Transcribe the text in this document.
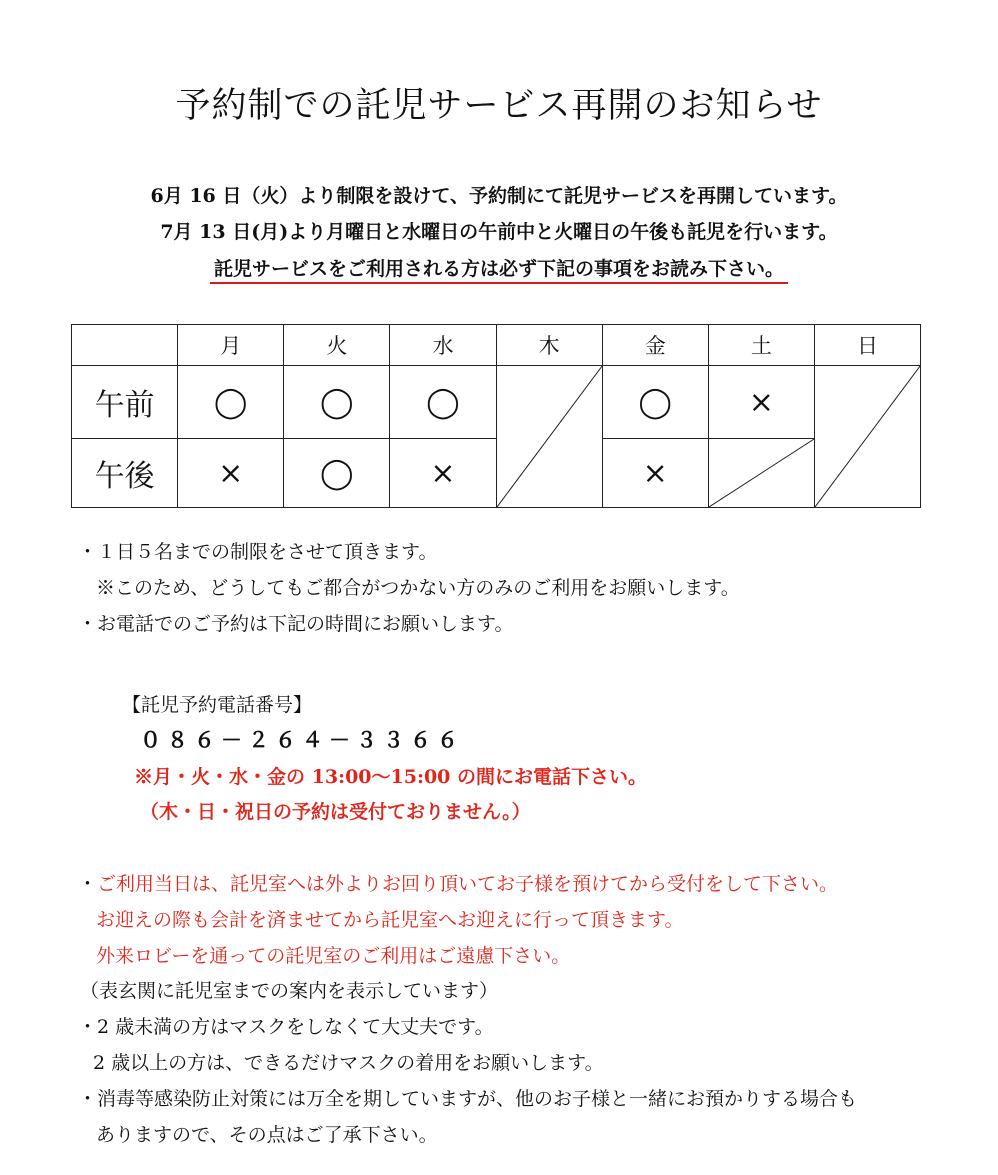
予約制での託児サービス再開のお知らせ
6月 16 日（火）より制限を設けて、予約制にて託児サービスを再開しています。
7月 13 日(月)より月曜日と水曜日の午前中と火曜日の午後も託児を行います。
託児サービスをご利用される方は必ず下記の事項をお読み下さい。
	月	火	水	木	金	土	日
午前	◯	◯	◯		◯	×	

午後	×	◯	×		×	
・１日５名までの制限をさせて頂きます。
※このため、どうしてもご都合がつかない方のみのご利用をお願いします。
・お電話でのご予約は下記の時間にお願いします。
【託児予約電話番号】
０８６－２６４－３３６６
※月・火・水・金の 13:00～15:00 の間にお電話下さい。
（木・日・祝日の予約は受付ておりません。）
・ご利用当日は、託児室へは外よりお回り頂いてお子様を預けてから受付をして下さい。
お迎えの際も会計を済ませてから託児室へお迎えに行って頂きます。
外来ロビーを通っての託児室のご利用はご遠慮下さい。
（表玄関に託児室までの案内を表示しています）
・2 歳未満の方はマスクをしなくて大丈夫です。
2 歳以上の方は、できるだけマスクの着用をお願いします。
・消毒等感染防止対策には万全を期していますが、他のお子様と一緒にお預かりする場合も
ありますので、その点はご了承下さい。
